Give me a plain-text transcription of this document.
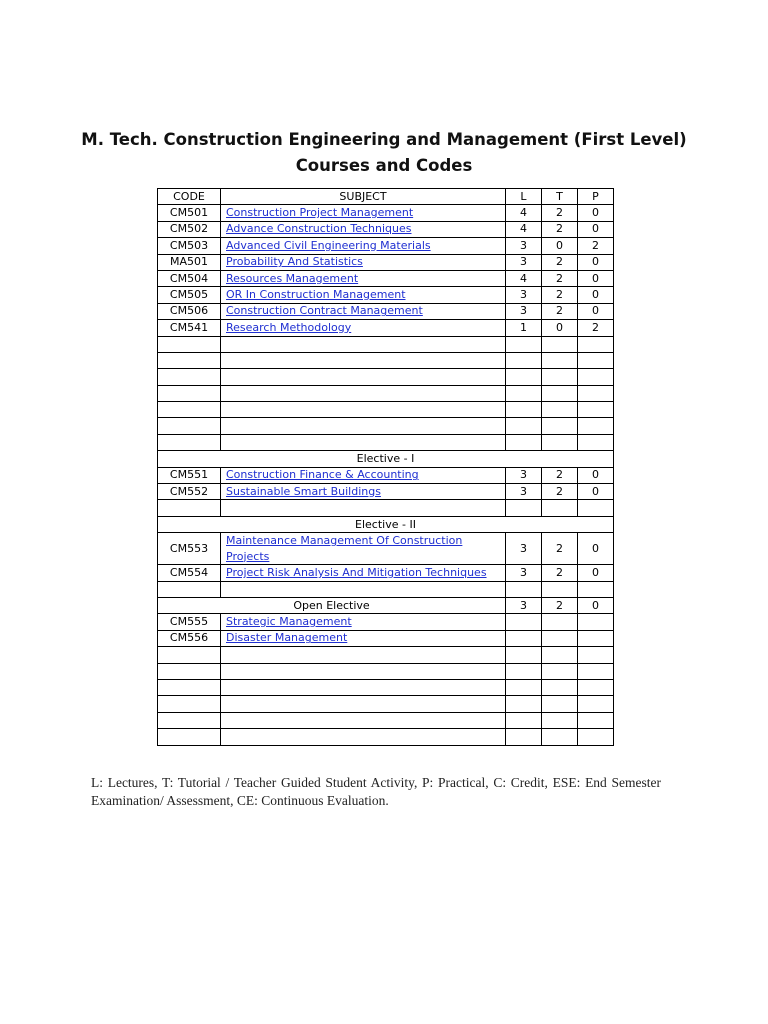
M. Tech. Construction Engineering and Management (First Level)
Courses and Codes
CODE	SUBJECT	L	T	P
CM501	Construction Project Management	4	2	0
CM502	Advance Construction Techniques	4	2	0
CM503	Advanced Civil Engineering Materials	3	0	2
MA501	Probability And Statistics	3	2	0
CM504	Resources Management	4	2	0
CM505	OR In Construction Management	3	2	0
CM506	Construction Contract Management	3	2	0
CM541	Research Methodology	1	0	2

Elective - I				
CM551	Construction Finance & Accounting	3	2	0
CM552	Sustainable Smart Buildings	3	2	0

Elective - II				
CM553	Maintenance Management Of Construction Projects	3	2	0
CM554	Project Risk Analysis And Mitigation Techniques	3	2	0

Open Elective		3	2	0
CM555	Strategic Management			
CM556	Disaster Management			

L: Lectures, T: Tutorial / Teacher Guided Student Activity, P: Practical, C: Credit, ESE: End Semester Examination/ Assessment, CE: Continuous Evaluation.
